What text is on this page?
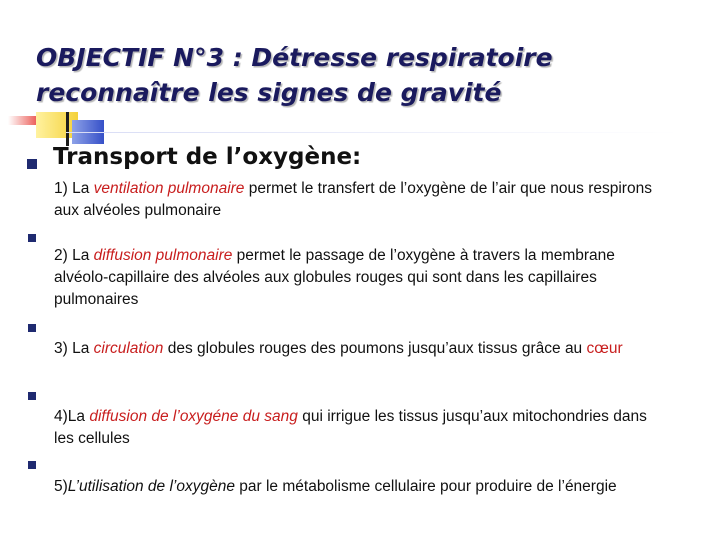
OBJECTIF N°3 : Détresse respiratoire
reconnaître les signes de gravité
Transport de l’oxygène:
1) La ventilation pulmonaire permet le transfert de l’oxygène de l’air que nous respirons aux alvéoles pulmonaire
2) La diffusion pulmonaire permet le passage de l’oxygène à travers la membrane alvéolo-capillaire des alvéoles aux globules rouges qui sont dans les capillaires pulmonaires
3) La circulation des globules rouges des poumons jusqu’aux tissus grâce au cœur
4)La diffusion de l’oxygéne du sang qui irrigue les tissus jusqu’aux mitochondries dans les cellules
5)L’utilisation de l’oxygène par le métabolisme cellulaire pour produire de l’énergie
